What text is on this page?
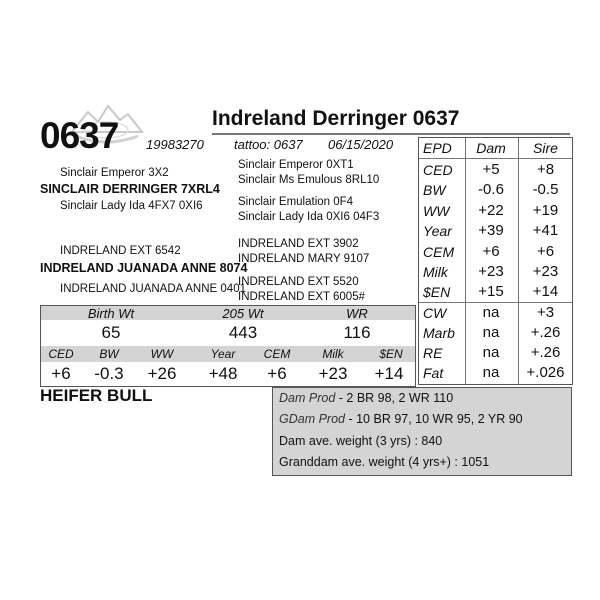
0637	Indreland Derringer 0637
19983270 tattoo: 0637 06/15/2020
Sinclair Emperor 3X2
SINCLAIR DERRINGER 7XRL4
Sinclair Lady Ida 4FX7 0XI6
Sinclair Emperor 0XT1
Sinclair Ms Emulous 8RL10
Sinclair Emulation 0F4
Sinclair Lady Ida 0XI6 04F3
INDRELAND EXT 6542
INDRELAND JUANADA ANNE 8074
INDRELAND JUANADA ANNE 0401
INDRELAND EXT 3902
INDRELAND MARY 9107
INDRELAND EXT 5520
INDRELAND EXT 6005#
EPD	Dam	Sire
CED	+5	+8
BW	-0.6	-0.5
WW	+22	+19
Year	+39	+41
CEM	+6	+6
Milk	+23	+23
$EN	+15	+14
CW	na	+3
Marb	na	+.26
RE	na	+.26
Fat	na	+.026
Birth Wt	205 Wt	WR
65	443	116
CED	BW	WW	Year	CEM	Milk	$EN
+6	-0.3	+26	+48	+6	+23	+14
HEIFER BULL	Dam Prod - 2 BR 98, 2 WR 110
GDam Prod - 10 BR 97, 10 WR 95, 2 YR 90
Dam ave. weight (3 yrs) : 840
Granddam ave. weight (4 yrs+) : 1051
